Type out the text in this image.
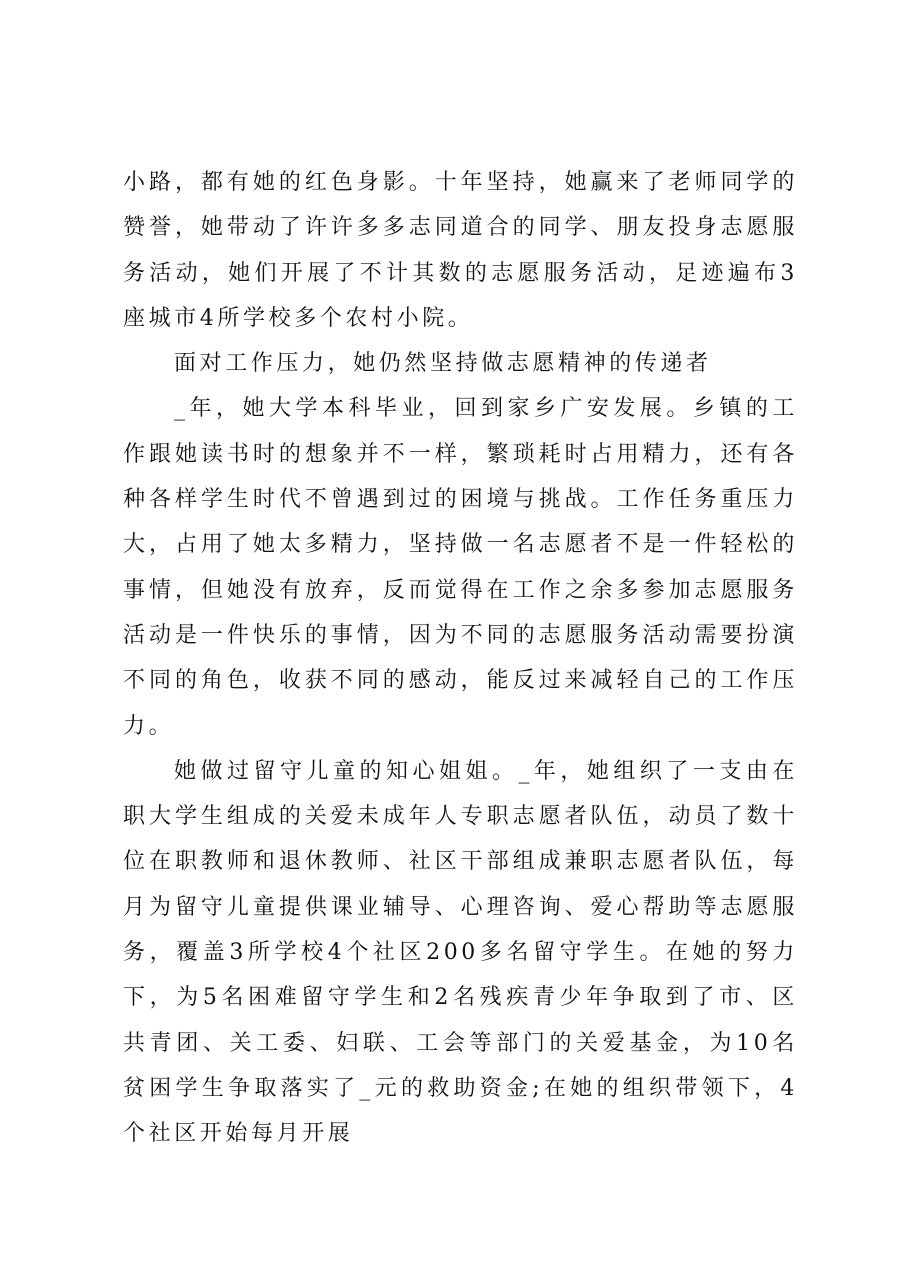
小路，都有她的红色身影。十年坚持，她赢来了老师同学的赞誉，她带动了许许多多志同道合的同学、朋友投身志愿服务活动，她们开展了不计其数的志愿服务活动，足迹遍布3座城市4所学校多个农村小院。

面对工作压力，她仍然坚持做志愿精神的传递者

_年，她大学本科毕业，回到家乡广安发展。乡镇的工作跟她读书时的想象并不一样，繁琐耗时占用精力，还有各种各样学生时代不曾遇到过的困境与挑战。工作任务重压力大，占用了她太多精力，坚持做一名志愿者不是一件轻松的事情，但她没有放弃，反而觉得在工作之余多参加志愿服务活动是一件快乐的事情，因为不同的志愿服务活动需要扮演不同的角色，收获不同的感动，能反过来减轻自己的工作压力。

她做过留守儿童的知心姐姐。_年，她组织了一支由在职大学生组成的关爱未成年人专职志愿者队伍，动员了数十位在职教师和退休教师、社区干部组成兼职志愿者队伍，每月为留守儿童提供课业辅导、心理咨询、爱心帮助等志愿服务，覆盖3所学校4个社区200多名留守学生。在她的努力下，为5名困难留守学生和2名残疾青少年争取到了市、区共青团、关工委、妇联、工会等部门的关爱基金，为10名贫困学生争取落实了_元的救助资金;在她的组织带领下，4个社区开始每月开展
